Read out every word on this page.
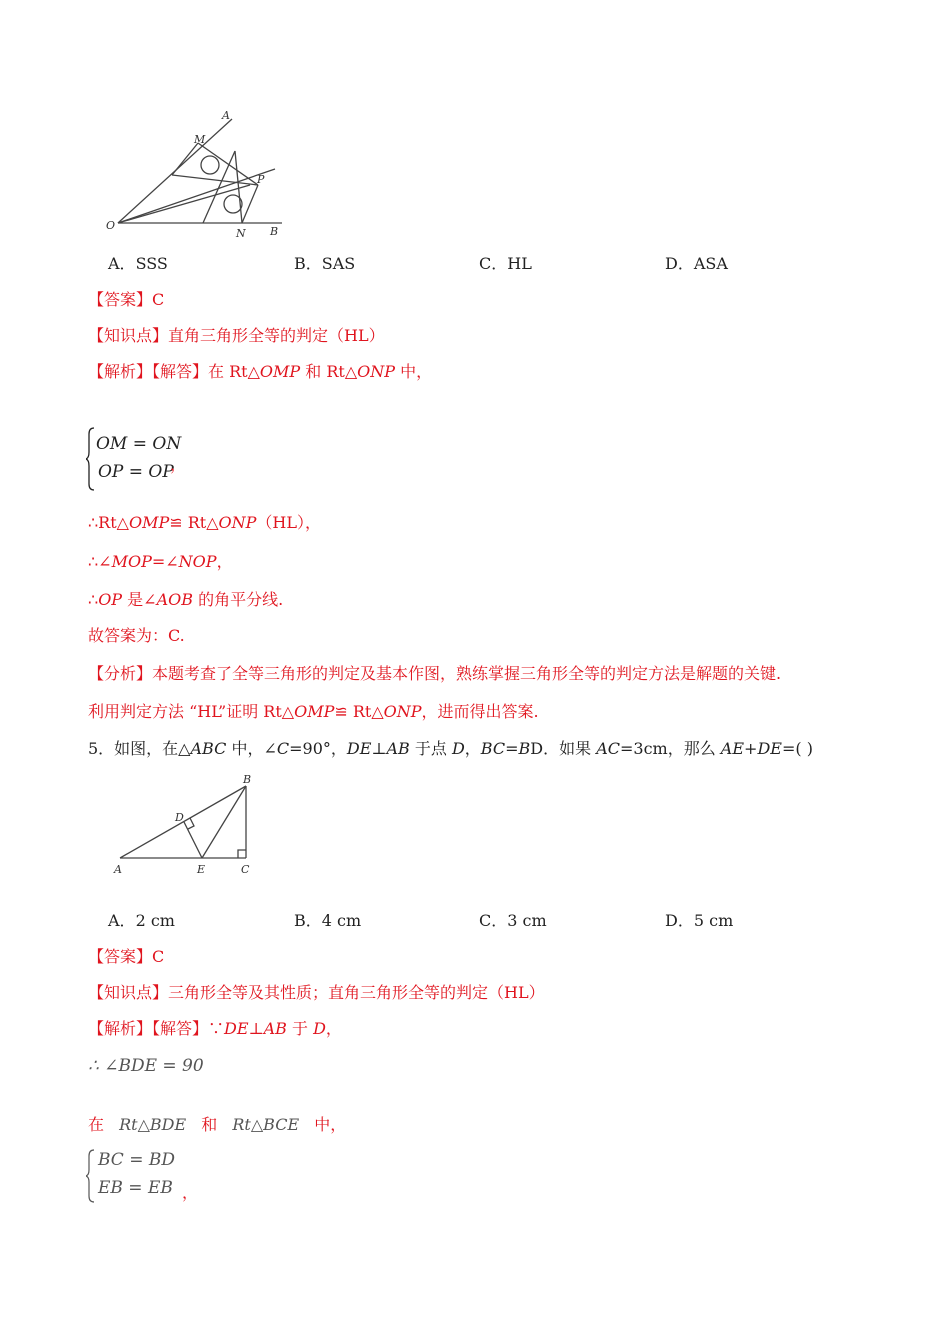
A
M
P
O
N B
A．SSS	B．SAS	C．HL	D．ASA
【答案】C
【知识点】直角三角形全等的判定（HL）
【解析】【解答】在 Rt△OMP 和 Rt△ONP 中，
OM = ON
OP = OP
，
∴Rt△OMP≌ Rt△ONP（HL），
∴∠MOP=∠NOP，
∴OP 是∠AOB 的角平分线.
故答案为：C.
【分析】本题考查了全等三角形的判定及基本作图，熟练掌握三角形全等的判定方法是解题的关键.
利用判定方法 “HL”证明 Rt△OMP≌ Rt△ONP，进而得出答案.
5．如图，在△ABC 中，∠C=90°，DE⊥AB 于点 D，BC=BD．如果 AC=3cm，那么 AE+DE=( )
B
D
A	E	C
A．2 cm	B．4 cm	C．3 cm	D．5 cm
【答案】C
【知识点】三角形全等及其性质；直角三角形全等的判定（HL）
【解析】【解答】∵DE⊥AB 于 D，
∴ ∠BDE = 90
在 Rt△BDE 和 Rt△BCE 中，
BC = BD
EB = EB ，
